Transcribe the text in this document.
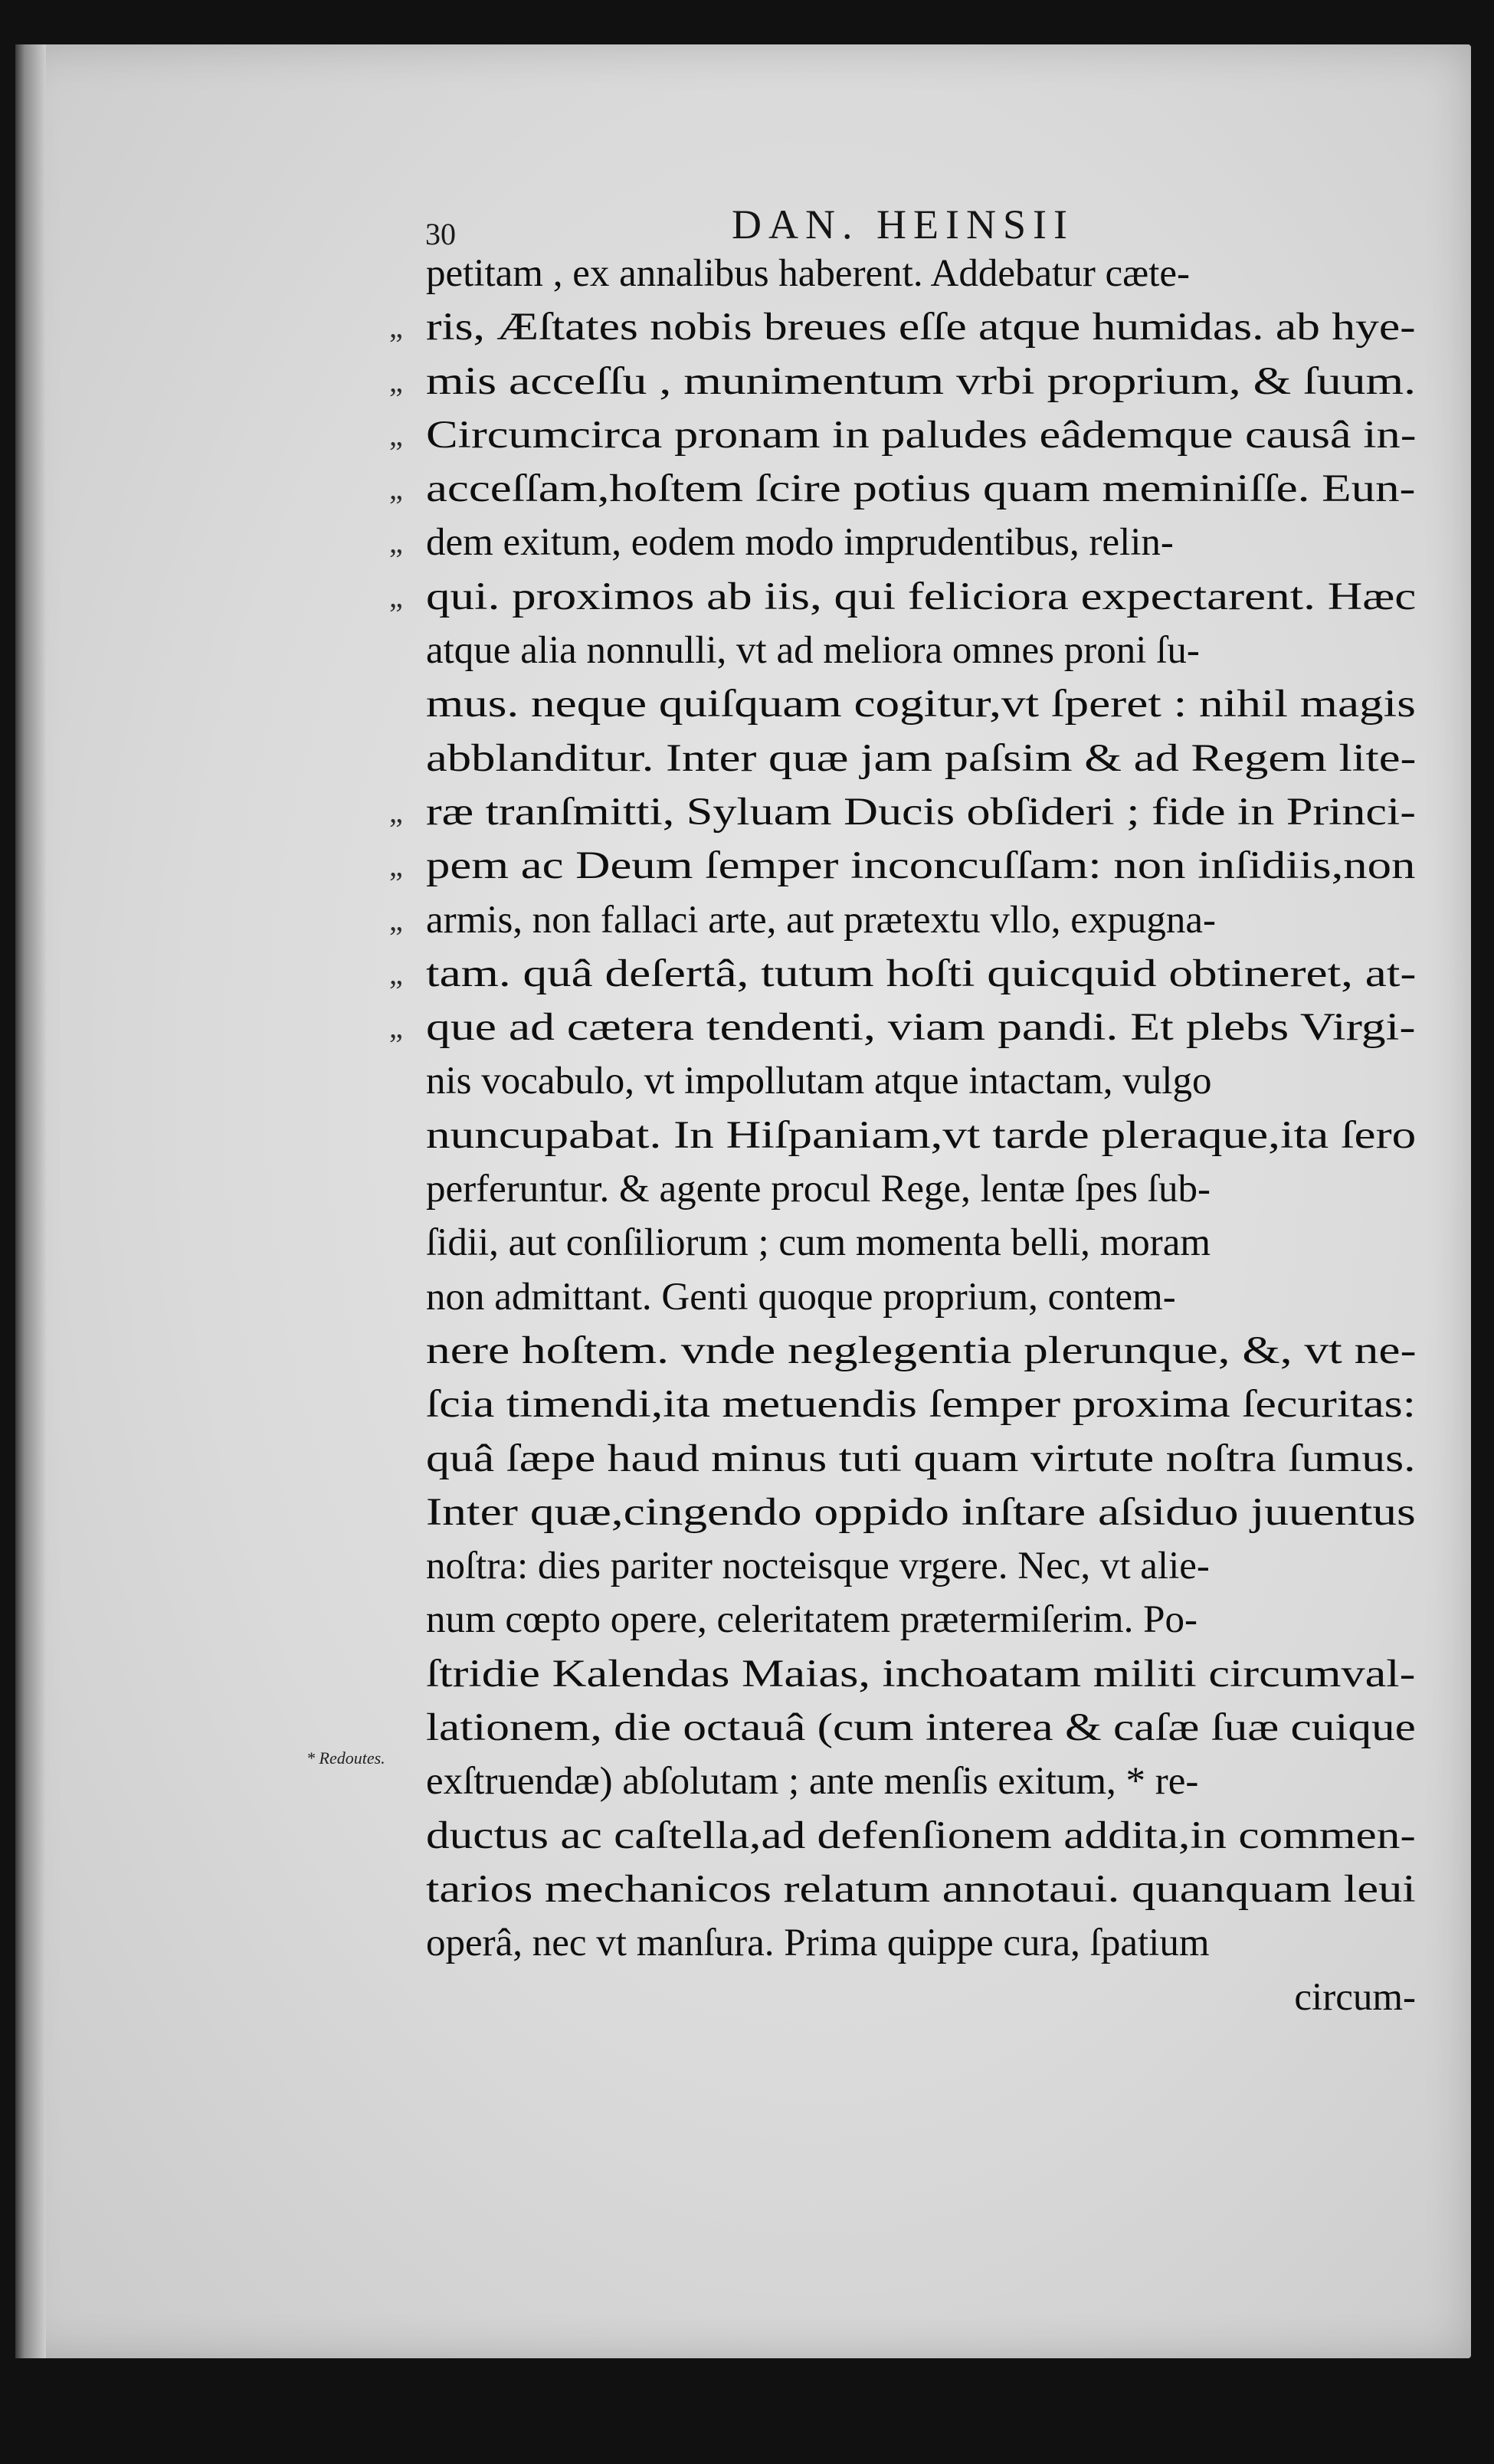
30	DAN. HEINSII
* Redoutes.
petitam , ex annalibus haberent. Addebatur cæte-
„ ris, Æſtates nobis breues eſſe atque humidas. ab hye-
„ mis acceſſu , munimentum vrbi proprium, & ſuum.
„ Circumcirca pronam in paludes eâdemque causâ in-
„ acceſſam,hoſtem ſcire potius quam meminiſſe. Eun-
„ dem exitum, eodem modo imprudentibus, relin-
„ qui. proximos ab iis, qui feliciora expectarent. Hæc
atque alia nonnulli, vt ad meliora omnes proni ſu-
mus. neque quiſquam cogitur,vt ſperet : nihil magis
abblanditur. Inter quæ jam paſsim & ad Regem lite-
„ ræ tranſmitti, Syluam Ducis obſideri ; fide in Princi-
„ pem ac Deum ſemper inconcuſſam: non inſidiis,non
„ armis, non fallaci arte, aut prætextu vllo, expugna-
„ tam. quâ deſertâ, tutum hoſti quicquid obtineret, at-
„ que ad cætera tendenti, viam pandi. Et plebs Virgi-
nis vocabulo, vt impollutam atque intactam, vulgo
nuncupabat. In Hiſpaniam,vt tarde pleraque,ita ſero
perferuntur. & agente procul Rege, lentæ ſpes ſub-
ſidii, aut conſiliorum ; cum momenta belli, moram
non admittant. Genti quoque proprium, contem-
nere hoſtem. vnde neglegentia plerunque, &, vt ne-
ſcia timendi,ita metuendis ſemper proxima ſecuritas:
quâ ſæpe haud minus tuti quam virtute noſtra ſumus.
Inter quæ,cingendo oppido inſtare aſsiduo juuentus
noſtra: dies pariter nocteisque vrgere. Nec, vt alie-
num cœpto opere, celeritatem prætermiſerim. Po-
ſtridie Kalendas Maias, inchoatam militi circumval-
lationem, die octauâ (cum interea & caſæ ſuæ cuique
exſtruendæ) abſolutam ; ante menſis exitum, * re-
ductus ac caſtella,ad defenſionem addita,in commen-
tarios mechanicos relatum annotaui. quanquam leui
operâ, nec vt manſura. Prima quippe cura, ſpatium
circum-
